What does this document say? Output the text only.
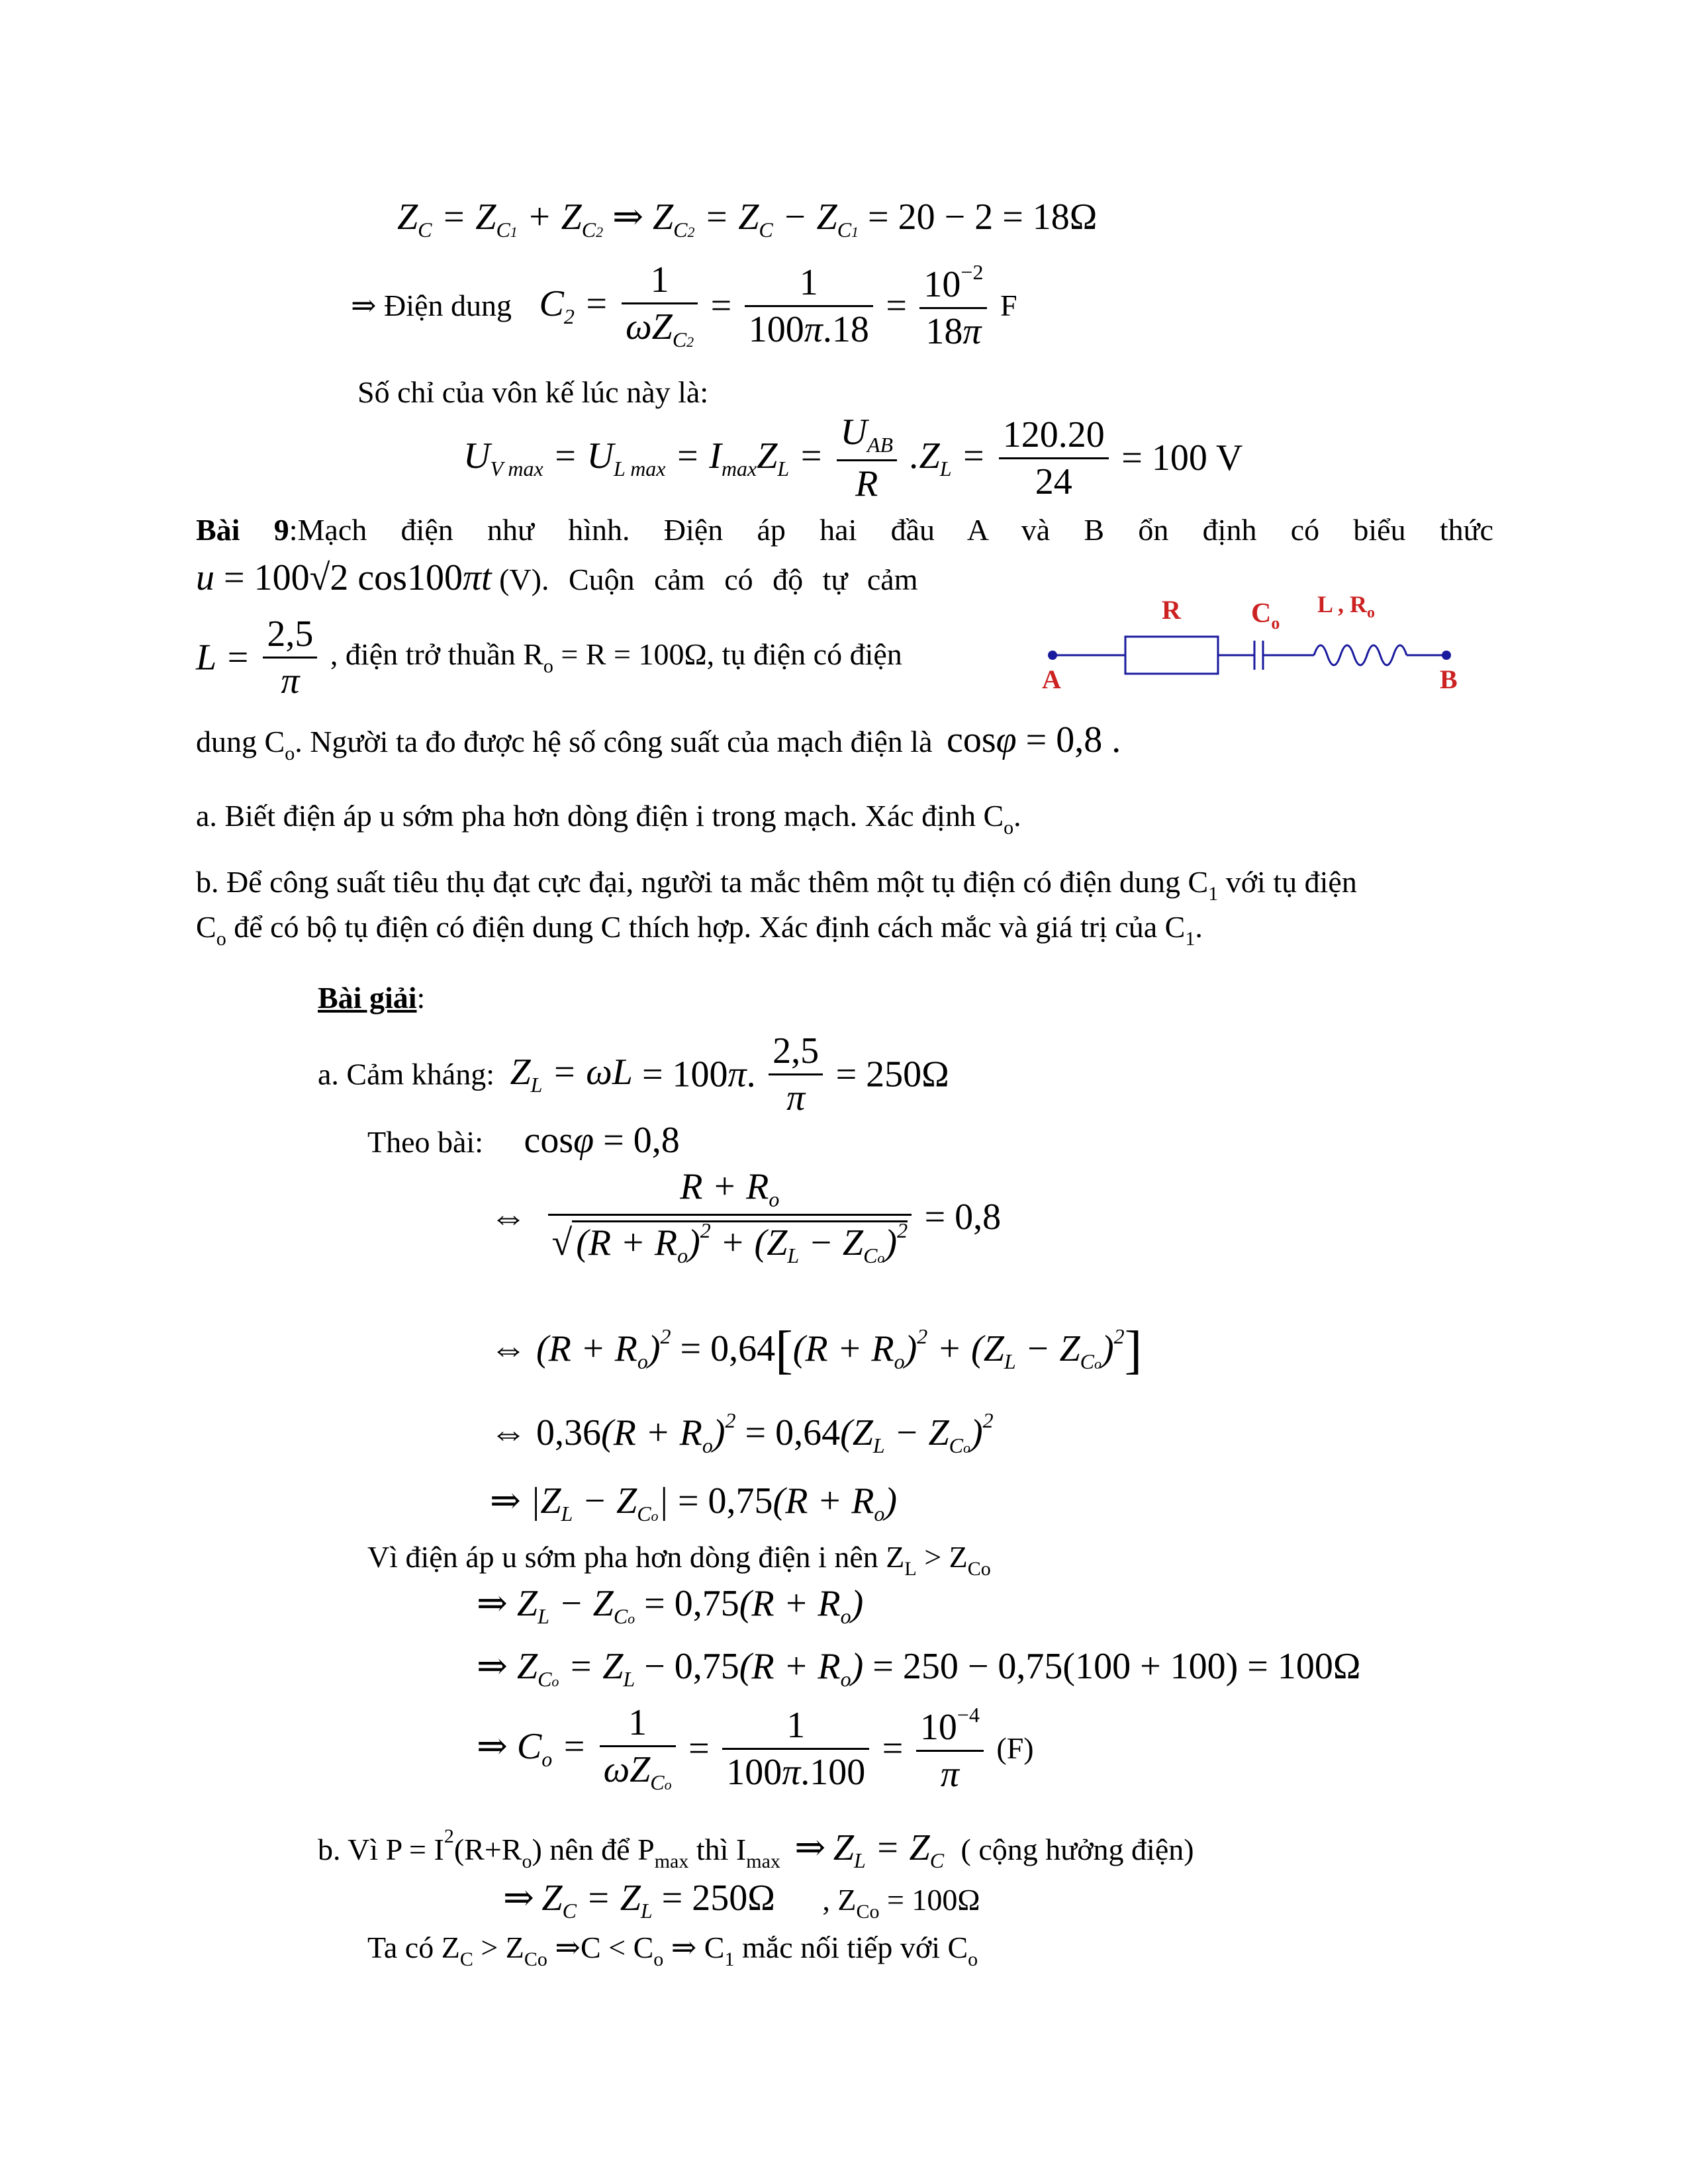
$Z_C = Z_{C1} + Z_{C2}$ ⇒ $Z_{C2} = Z_C - Z_{C1} = 20 - 2 = 18\Omega$
⇒ Điện dung $C_2 = \frac{1}{\omega Z_{C2}} = \frac{1}{100\pi.18} = \frac{10^{-2}}{18\pi}$ F
Số chỉ của vôn kế lúc này là:
$U_{V max} = U_{L max} = I_{max}Z_L = \frac{U_{AB}}{R} .Z_L = \frac{120.20}{24} = 100$ V
Bài 9:Mạch điện như hình. Điện áp hai đầu A và B ổn định có biểu thức
u = 100√2 cos100πt (V). Cuộn cảm có độ tự cảm
$L = \frac{2,5}{\pi}$ , điện trở thuần $R_o = R = 100\Omega$, tụ điện có điện
R	$C_o$
L , $R_o$
A	B
dung $C_o$. Người ta đo được hệ số công suất của mạch điện là cosφ = 0,8 .
a. Biết điện áp u sớm pha hơn dòng điện i trong mạch. Xác định $C_o$.
b. Để công suất tiêu thụ đạt cực đại, người ta mắc thêm một tụ điện có điện dung $C_1$ với tụ điện
$C_o$ để có bộ tụ điện có điện dung C thích hợp. Xác định cách mắc và giá trị của $C_1$.
Bài giải:
a. Cảm kháng: $Z_L = \omega L = 100\pi$. $\frac{2,5}{\pi} = 250\Omega$
Theo bài: cosφ = 0,8
⇔ $\frac{R + R_o}{√ (R + R_o)^2 + (Z_L - Z_{Co})^2} = 0,8$
⇔ $(R + R_o)^2 = 0,64[(R + R_o)^2 + (Z_L - Z_{Co})^2]$
⇔ $0,36(R + R_o)^2 = 0,64(Z_L - Z_{Co})^2$
⇒ $|Z_L - Z_{Co}| = 0,75(R + R_o)$
Vì điện áp u sớm pha hơn dòng điện i nên $Z_L > Z_{Co}$
⇒ $Z_L - Z_{Co} = 0,75(R + R_o)$
⇒ $Z_{Co} = Z_L - 0,75(R + R_o) = 250 - 0,75(100 + 100) = 100\Omega$
⇒ $C_o = \frac{1}{\omega Z_{Co}} = \frac{1}{100\pi.100} = \frac{10^{-4}}{\pi} (F)$
b. Vì $P = I^2(R+R_o)$ nên để $P_{max}$ thì $I_{max}$ ⇒ $Z_L = Z_C$ ( cộng hưởng điện)
⇒ $Z_C = Z_L = 250\Omega$ , $Z_{Co} = 100\Omega$
Ta có $Z_C > Z_{Co}$ ⇒C < $C_o$ ⇒ $C_1$ mắc nối tiếp với $C_o$
